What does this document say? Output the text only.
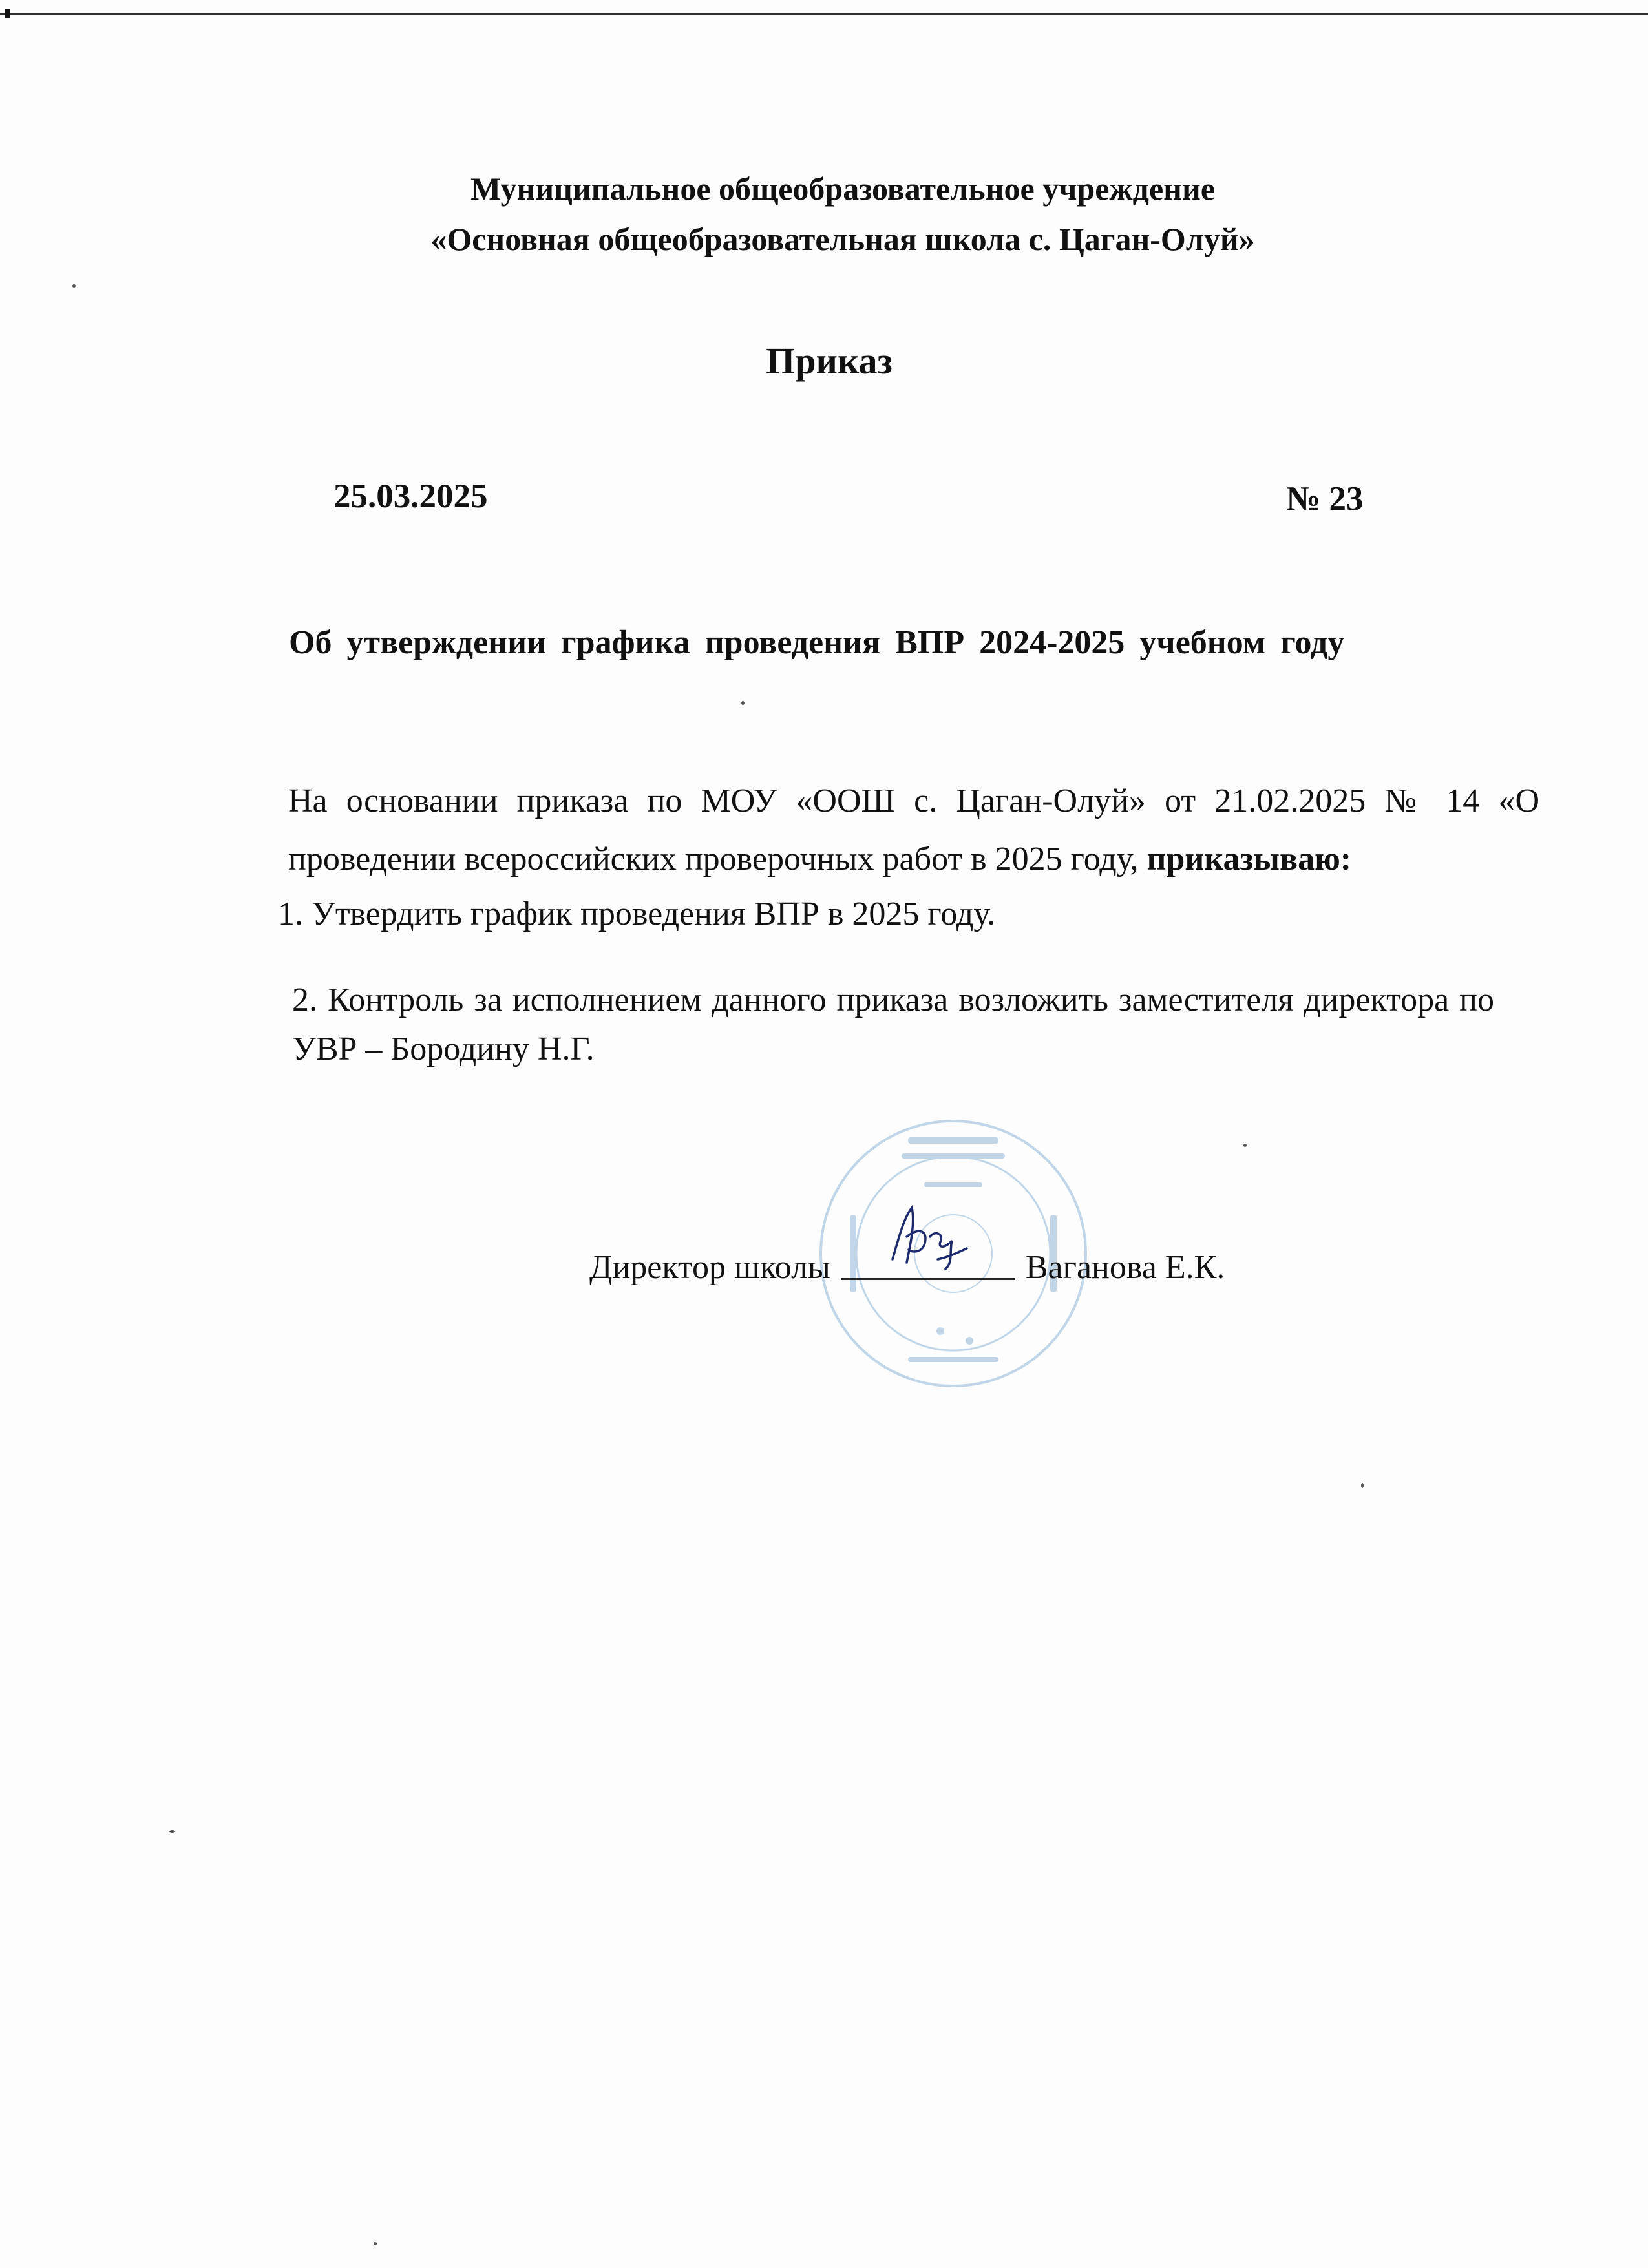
Муниципальное общеобразовательное учреждение
«Основная общеобразовательная школа с. Цаган-Олуй»
Приказ
25.03.2025	№ 23
Об утверждении графика проведения ВПР 2024-2025 учебном году
На основании приказа по МОУ «ООШ с. Цаган-Олуй» от 21.02.2025 № 14 «О проведении всероссийских проверочных работ в 2025 году, приказываю:
1. Утвердить график проведения ВПР в 2025 году.
2. Контроль за исполнением данного приказа возложить заместителя директора по УВР – Бородину Н.Г.
Директор школы	Ваганова Е.К.
